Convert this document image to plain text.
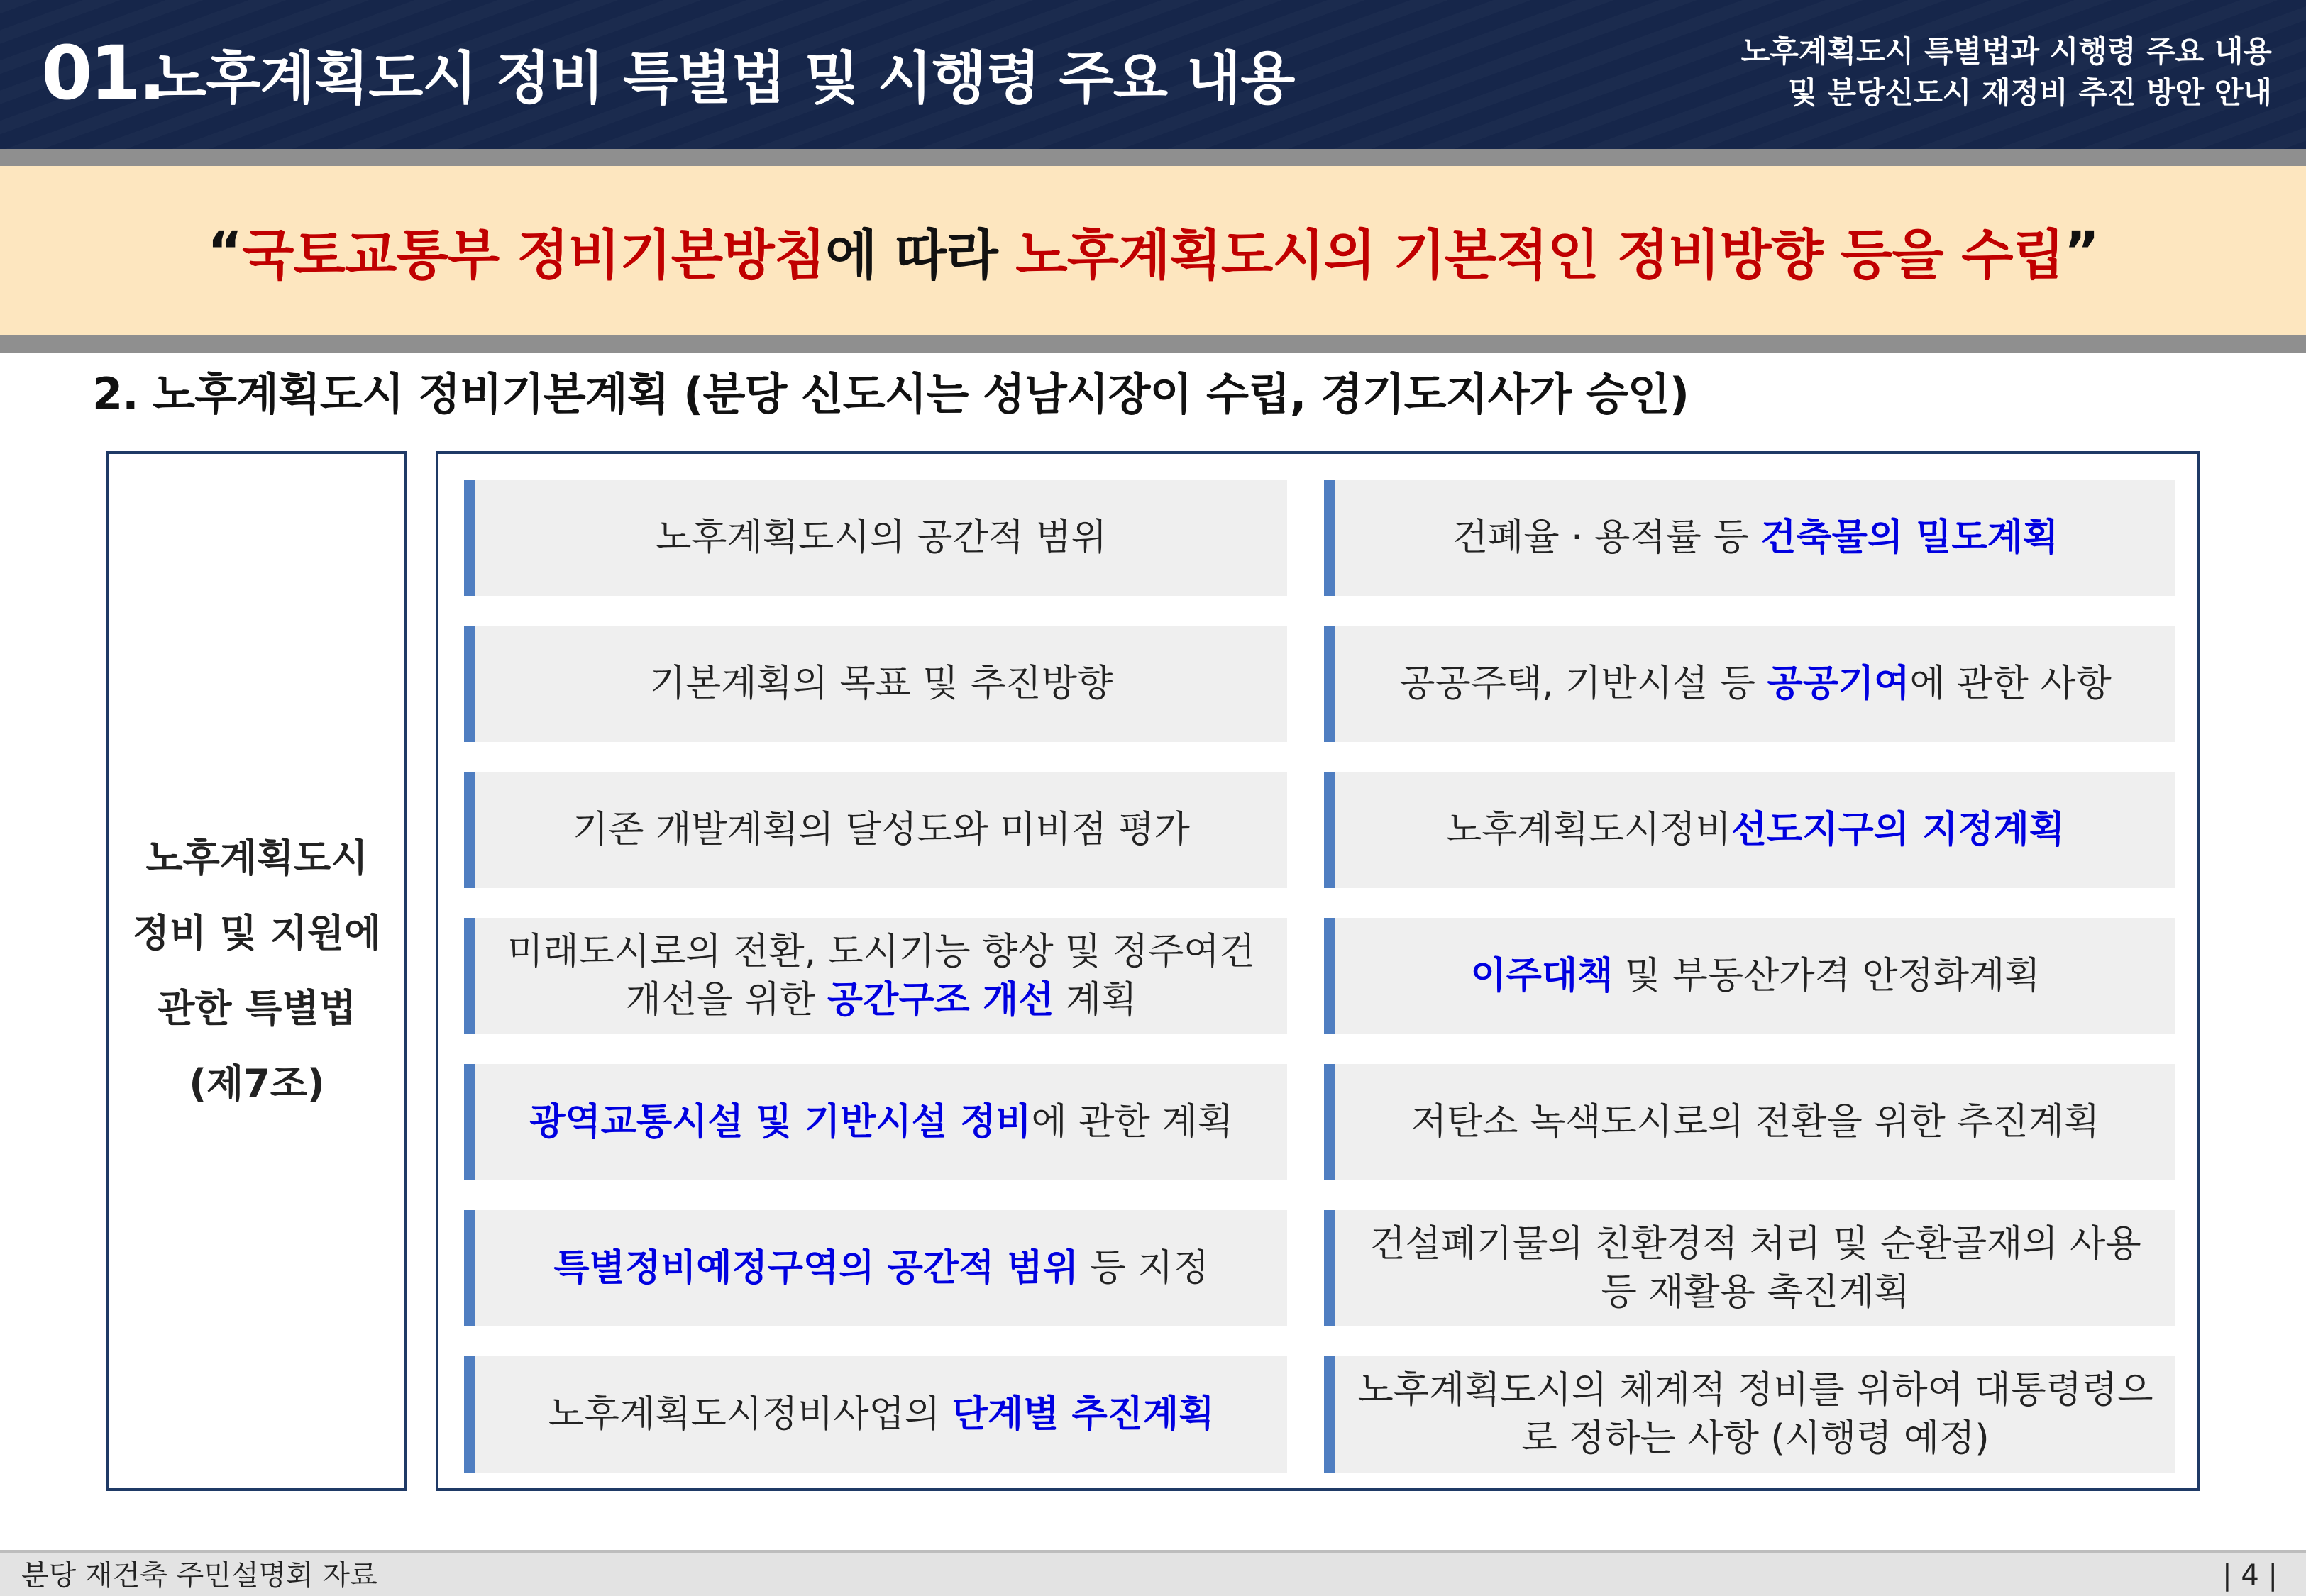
01.
노후계획도시 정비 특별법 및 시행령 주요 내용	노후계획도시 특별법과 시행령 주요 내용
및 분당신도시 재정비 추진 방안 안내
“ 국토교통부 정비기본방침 에 따라 노후계획도시의 기본적인 정비방향 등을 수립 ”
2. 노후계획도시 정비기본계획 (분당 신도시는 성남시장이 수립, 경기도지사가 승인)
노후계획도시
정비 및 지원에
관한 특별법
(제7조)
노후계획도시의 공간적 범위
기본계획의 목표 및 추진방향
기존 개발계획의 달성도와 미비점 평가
미래도시로의 전환, 도시기능 향상 및 정주여건 개선을 위한 공간구조 개선 계획
광역교통시설 및 기반시설 정비에 관한 계획
특별정비예정구역의 공간적 범위 등 지정
노후계획도시정비사업의 단계별 추진계획
건폐율 · 용적률 등 건축물의 밀도계획
공공주택, 기반시설 등 공공기여에 관한 사항
노후계획도시정비선도지구의 지정계획
이주대책 및 부동산가격 안정화계획
저탄소 녹색도시로의 전환을 위한 추진계획
건설폐기물의 친환경적 처리 및 순환골재의 사용 등 재활용 촉진계획
노후계획도시의 체계적 정비를 위하여 대통령령으로 정하는 사항 (시행령 예정)
분당 재건축 주민설명회 자료	| 4 |
